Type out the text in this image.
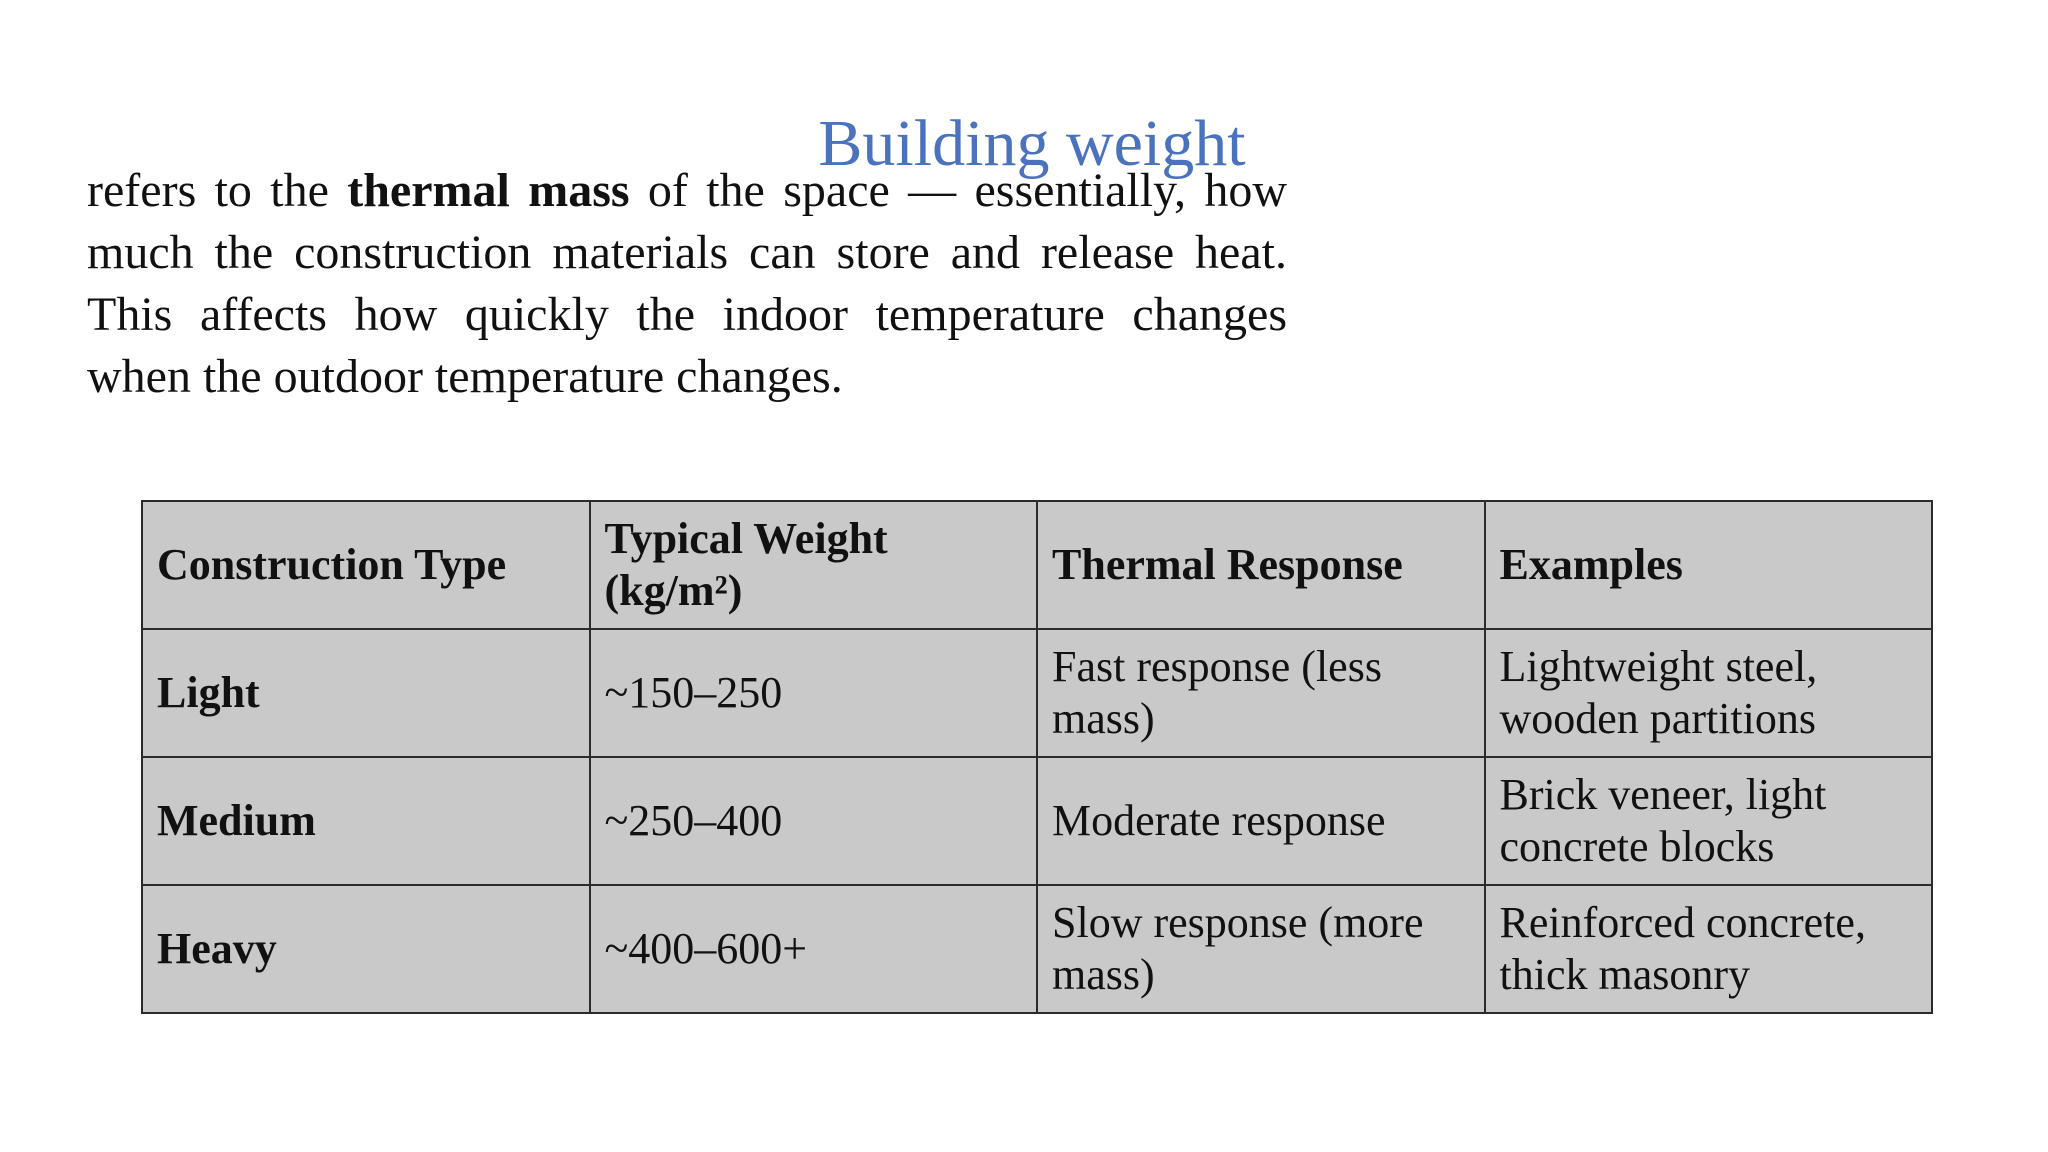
Building weight

refers to the thermal mass of the space — essentially, how much the construction materials can store and release heat. This affects how quickly the indoor temperature changes when the outdoor temperature changes.

Construction Type	Typical Weight (kg/m²)	Thermal Response	Examples
Light	~150–250	Fast response (less mass)	Lightweight steel, wooden partitions
Medium	~250–400	Moderate response	Brick veneer, light concrete blocks
Heavy	~400–600+	Slow response (more mass)	Reinforced concrete, thick masonry
